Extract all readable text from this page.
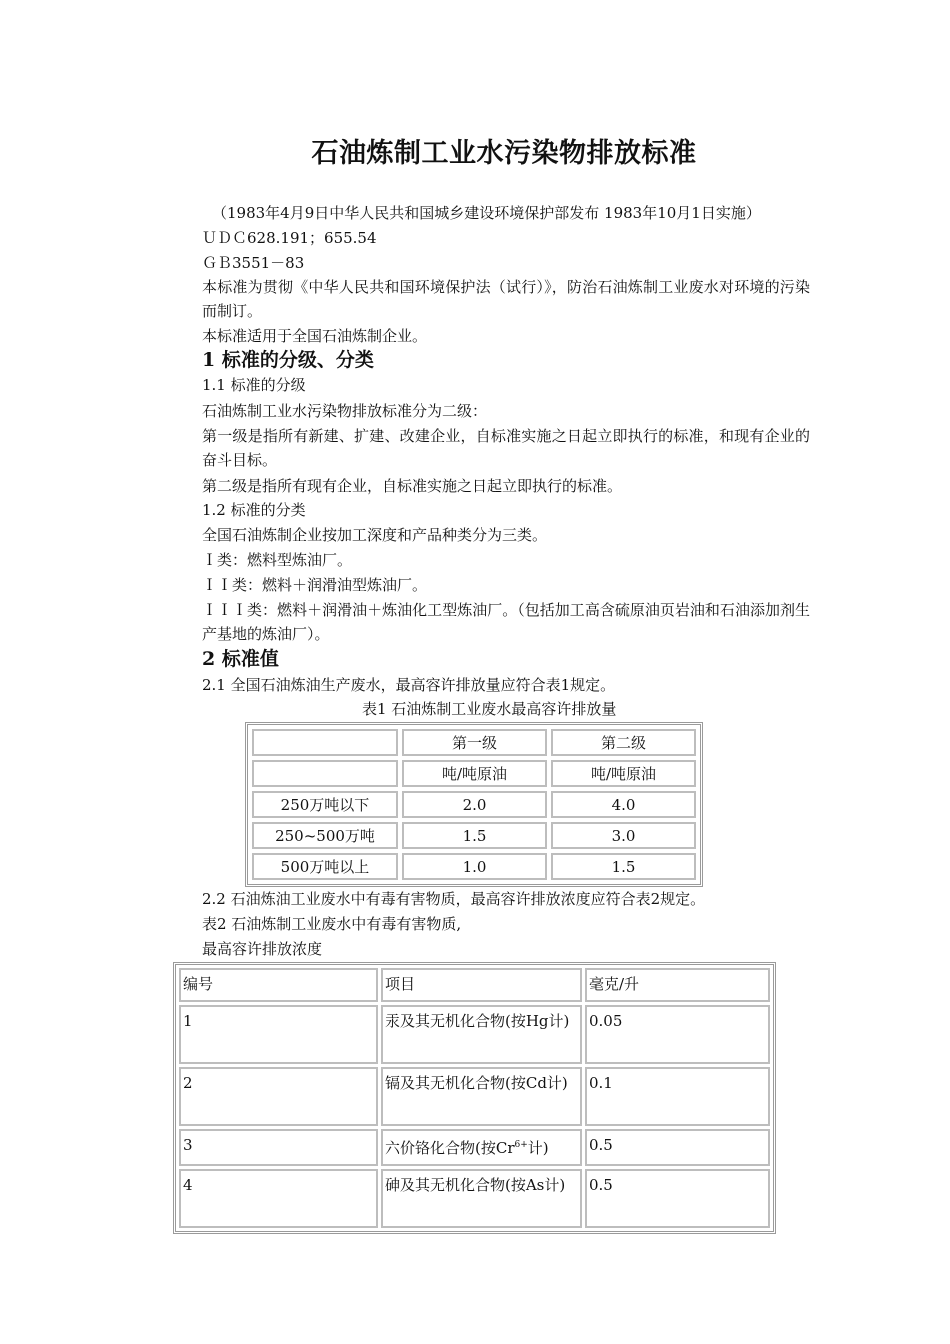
石油炼制工业水污染物排放标准

（1983年4月9日中华人民共和国城乡建设环境保护部发布 1983年10月1日实施）

ＵＤＣ628.191；655.54

ＧＢ3551－83

本标准为贯彻《中华人民共和国环境保护法（试行）》，防治石油炼制工业废水对环境的污染而制订。

本标准适用于全国石油炼制企业。

1 标准的分级、分类

1.1 标准的分级

石油炼制工业水污染物排放标准分为二级：

第一级是指所有新建、扩建、改建企业，自标准实施之日起立即执行的标准，和现有企业的奋斗目标。

第二级是指所有现有企业，自标准实施之日起立即执行的标准。

1.2 标准的分类

全国石油炼制企业按加工深度和产品种类分为三类。

Ｉ类：燃料型炼油厂。

ＩＩ类：燃料＋润滑油型炼油厂。

ＩＩＩ类：燃料＋润滑油＋炼油化工型炼油厂。（包括加工高含硫原油页岩油和石油添加剂生产基地的炼油厂）。

2 标准值

2.1 全国石油炼油生产废水，最高容许排放量应符合表1规定。

表1 石油炼制工业废水最高容许排放量

	第一级	第二级
	吨/吨原油	吨/吨原油
250万吨以下	2.0	4.0
250~500万吨	1.5	3.0
500万吨以上	1.0	1.5

2.2 石油炼油工业废水中有毒有害物质，最高容许排放浓度应符合表2规定。

表2 石油炼制工业废水中有毒有害物质,

最高容许排放浓度

编号	项目	毫克/升
1	汞及其无机化合物(按Hg计)	0.05
2	镉及其无机化合物(按Cd计)	0.1
3	六价铬化合物(按$Cr^{6+}$计)	0.5
4	砷及其无机化合物(按As计)	0.5
